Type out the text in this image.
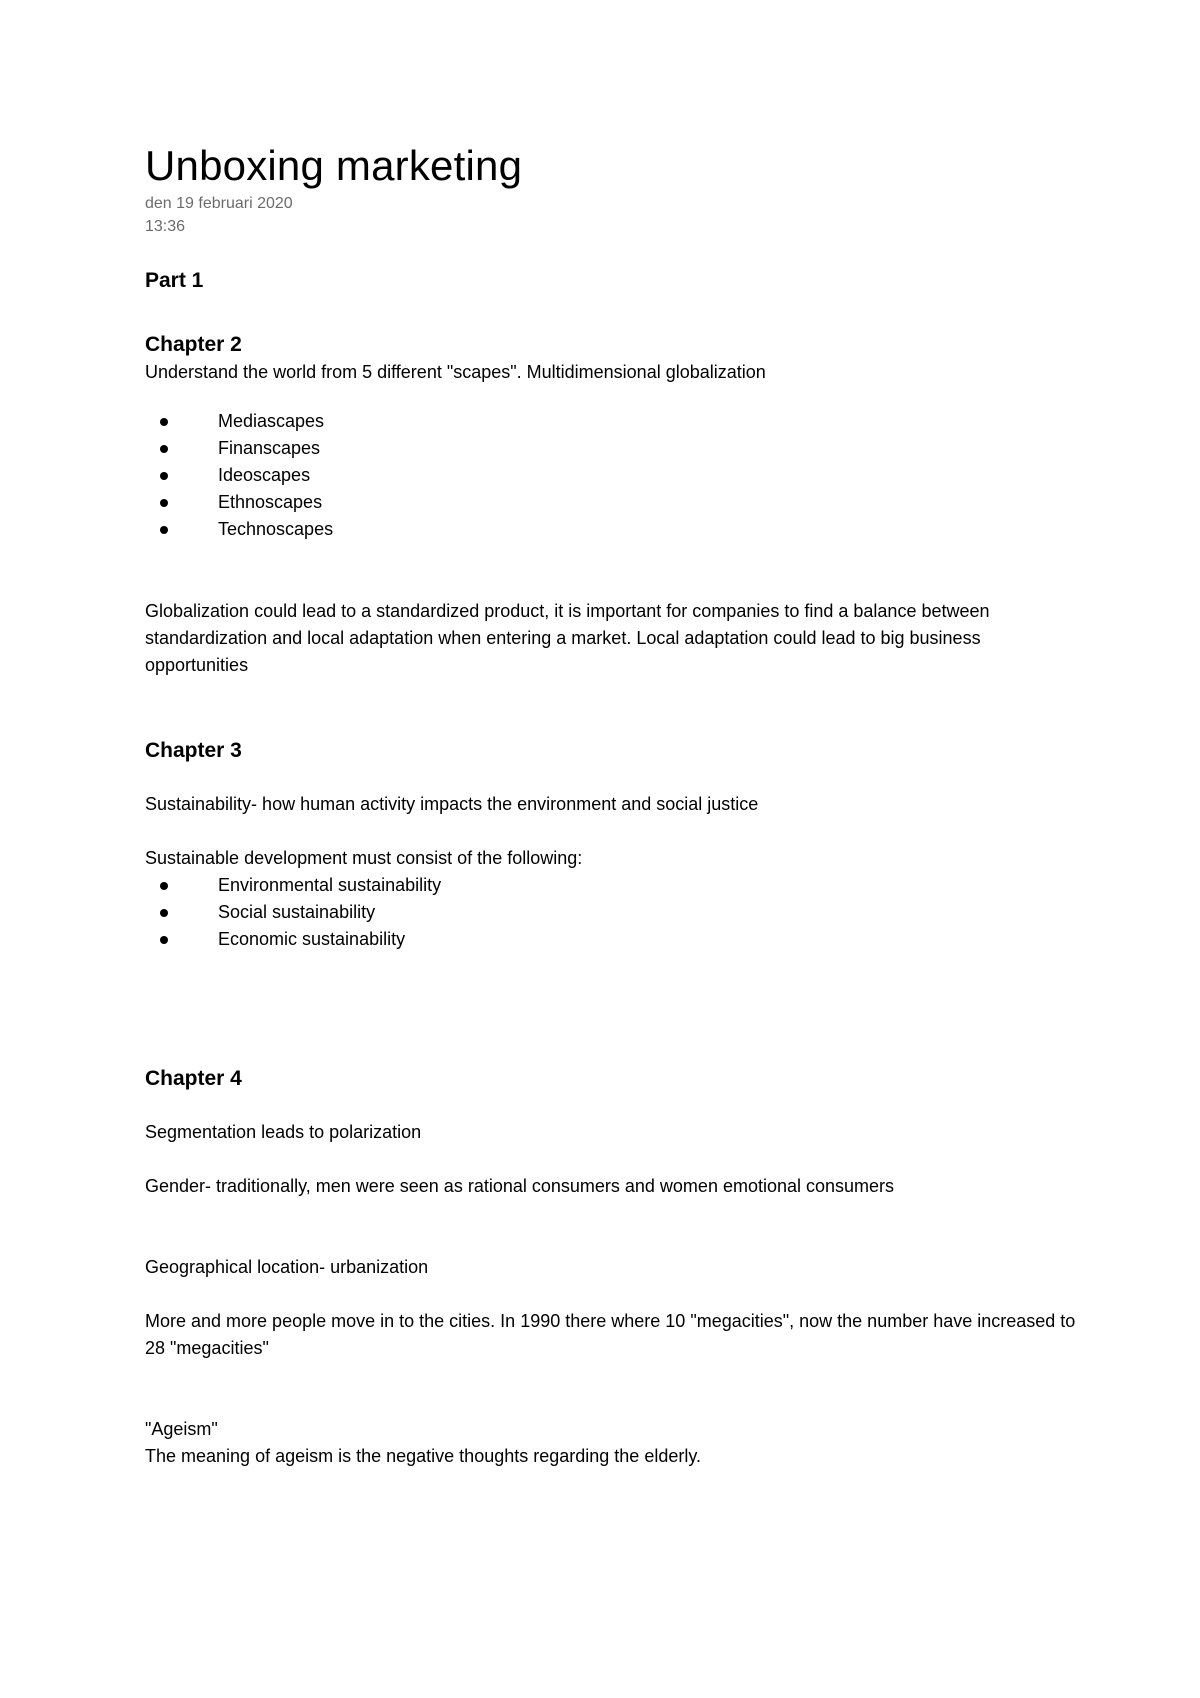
Unboxing marketing
den 19 februari 2020
13:36
Part 1
Chapter 2

Understand the world from 5 different "scapes". Multidimensional globalization

Mediascapes
Finanscapes
Ideoscapes
Ethnoscapes
Technoscapes

Globalization could lead to a standardized product, it is important for companies to find a balance between standardization and local adaptation when entering a market. Local adaptation could lead to big business opportunities

Chapter 3

Sustainability- how human activity impacts the environment and social justice

Sustainable development must consist of the following:

Environmental sustainability
Social sustainability
Economic sustainability
Chapter 4

Segmentation leads to polarization

Gender- traditionally, men were seen as rational consumers and women emotional consumers

Geographical location- urbanization

More and more people move in to the cities. In 1990 there where 10 "megacities", now the number have increased to 28 "megacities"

"Ageism"

The meaning of ageism is the negative thoughts regarding the elderly.
